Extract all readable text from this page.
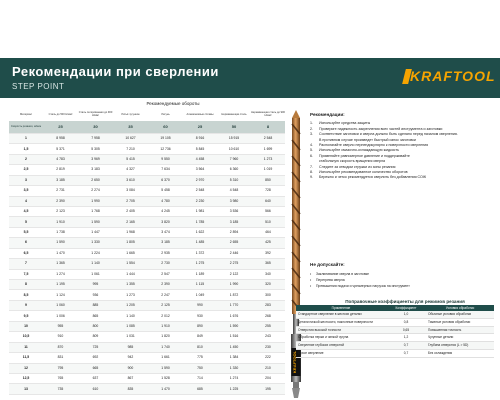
Рекомендации при сверлении
STEP POINT
KRAFTOOL
Рекомендуемые обороты
Материал	Сталь до 500 Н/мм²	Сталь легированная до 900 Н/мм²	Литьё чугунное	Латунь	Алюминиевые сплавы	Нержавеющая сталь	Нержавеющая сталь до 900 Н/мм²
Скорость резания, м/мин	25	30	35	60	25	50	8
1	8 958	7 958	10 627	19 105	8 916	15 915	2 548
1,5	5 371	5 305	7 210	12 736	5 845	10 610	1 699
2	4 783	3 969	5 415	9 550	4 458	7 960	1 273
2,5	2 819	3 183	4 327	7 634	3 564	6 360	1 019
3	3 185	2 650	3 610	6 370	2 970	5 310	850
3,5	2 731	2 274	3 084	5 458	2 548	4 548	728
4	2 390	1 990	2 705	4 780	2 230	3 980	640
4,5	2 123	1 768	2 405	4 245	1 981	3 536	566
5	1 910	1 590	2 165	3 820	1 785	3 185	510
5,5	1 738	1 447	1 968	3 474	1 622	2 894	464
6	1 590	1 330	1 805	3 185	1 485	2 655	425
6,5	1 470	1 224	1 665	2 935	1 372	2 446	392
7	1 365	1 140	1 554	2 730	1 275	2 275	365
7,5	1 274	1 061	1 444	2 547	1 189	2 122	340
8	1 195	995	1 355	2 390	1 115	1 990	320
8,5	1 124	936	1 273	2 247	1 049	1 872	300
9	1 060	885	1 205	2 125	990	1 770	283
9,5	1 006	865	1 140	2 012	930	1 676	268
10	955	800	1 085	1 910	890	1 590	255
10,5	910	809	1 031	1 820	849	1 516	243
11	870	725	985	1 740	810	1 450	230
11,5	831	692	942	1 661	775	1 384	222
12	795	665	900	1 590	750	1 330	210
12,5	765	637	867	1 528	714	1 274	204
13	735	610	835	1 470	685	1 225	195
KRAFTOOL
Рекомендации:
1.	Используйте средства защиты
2.	Проверьте надежность закрепления всех частей инструмента и заготовки
3.	Соответствие заготовки и сверла должно быть сделано перед началом сверления.
В противном случае произведет быстрый износ заготовки
4.	Располагайте сверло перпендикулярно к поверхности сверления
5.	Используйте смазочно-охлаждающую жидкость
6.	Применяйте равномерное давление и поддерживайте
стабильную скорость вращения сверла
7.	Следите за отводом стружки из зоны резания
8.	Используйте рекомендованное количество оборотов
9.	Бережно и четко рекомендуется сверлить без добавления СОЖ
Не допускайте:
•	Заклинивание сверла в заготовке
•	Перегрева сверла
•	Превышения подачи и чрезмерных нагрузок на инструмент
Поправочные коэффициенты для режимов резания
Применение	Коэффициент	Условия обработки
Стандартное сверление в жестких деталях	1,0	Обычные условия обработки
Детали низкой жесткости, наклонные поверхности	0,8	Тяжелые условия обработки
Отверстия высокой точности	0,65	Повышенная точность
Обработка нержи и чипкой чугуна	1,2	Чугунные детали
Сверление глубоких отверстий	0,7	Глубина отверстия (L > 5D)
Сухое сверление	0,7	Без охлаждения
